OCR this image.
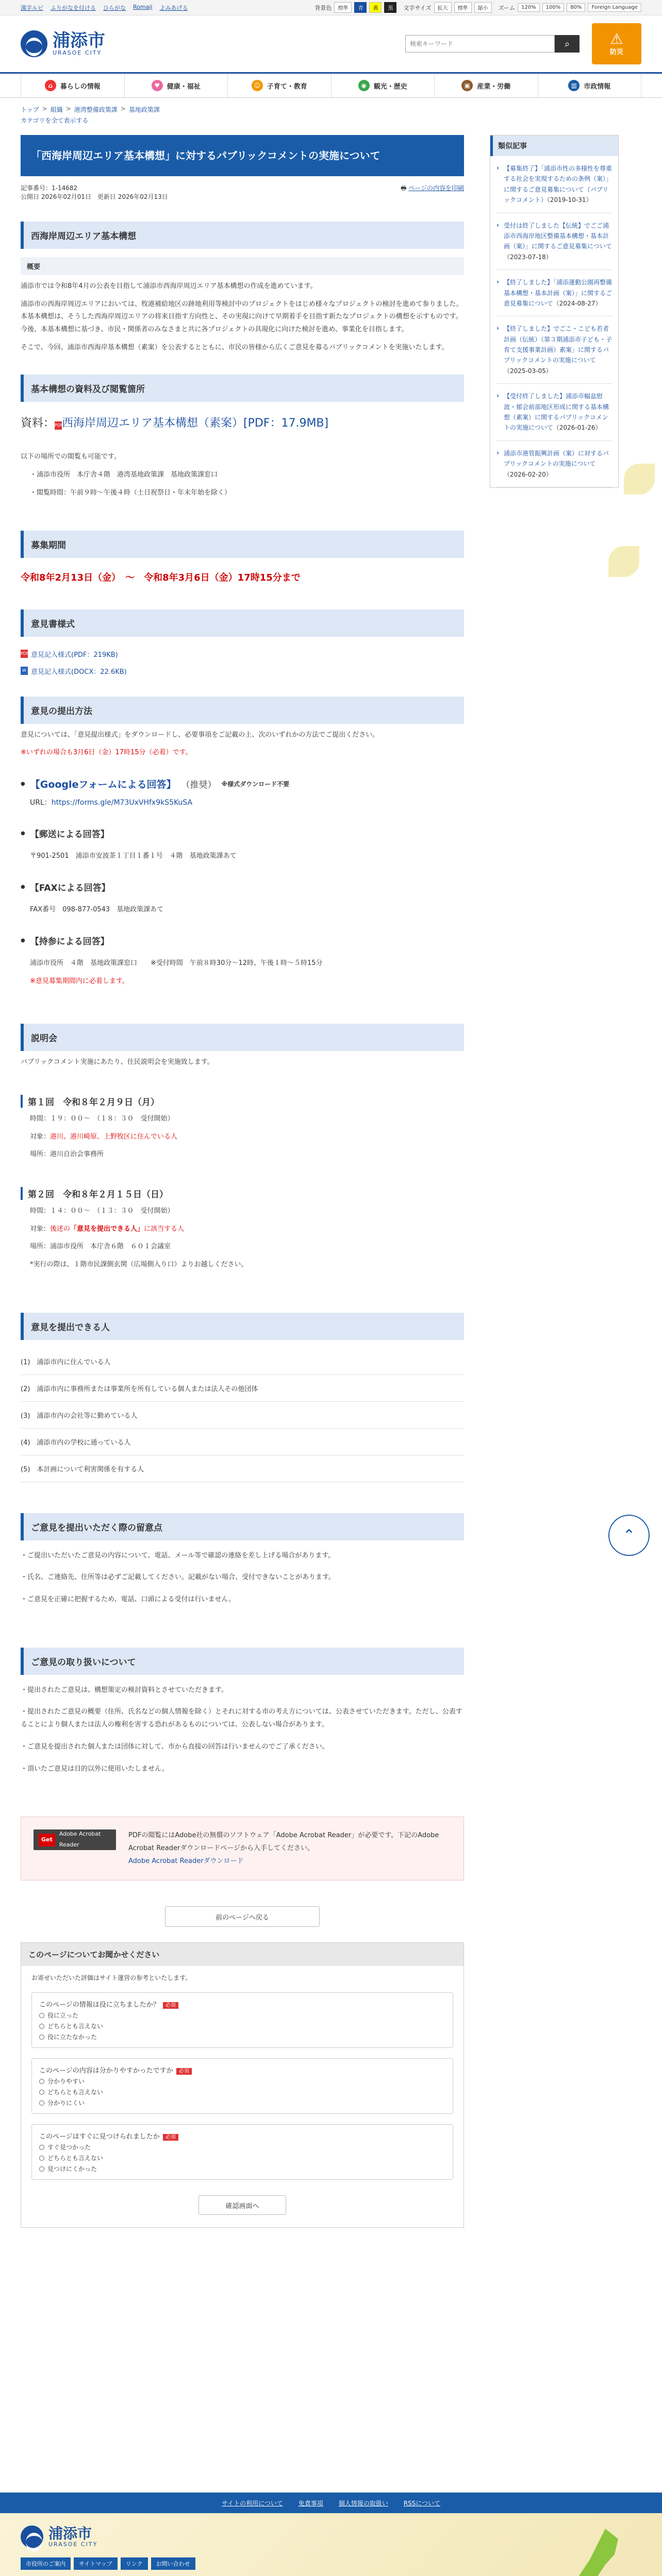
漢字ルビ ふりがなを付ける ひらがな Romaji よみあげる	背景色	標準	青	黄	黒	文字サイズ	拡大	標準	縮小	ズーム	120%	100%	80%	Foreign Language
浦添市
URASOE CITY
検索キーワード
⌕	⚠
防災
⌂	暮らしの情報	♥	健康・福祉	☺ 子育て・教育	◉	観光・歴史	▣	産業・労働	▥	市政情報
トップ > 組織 > 港湾整備政策課 > 基地政策課
カテゴリを全て表示する
「西海岸周辺エリア基本構想」に対するパブリックコメントの実施について
記事番号：1-14682
公開日 2026年02月01日　更新日 2026年02月13日
🖶 ページの内容を印刷
西海岸周辺エリア基本構想
概要

浦添市では令和8年4月の公表を目指して浦添市西海岸周辺エリア基本構想の作成を進めています。

浦添市の西海岸周辺エリアにおいては、牧港補給地区の跡地利用等検討中のプロジェクトをはじめ様々なプロジェクトの検討を進めて参りました。本基本構想は、そうした西海岸周辺エリアの将来目指す方向性と、その実現に向けて早期着手を目指す新たなプロジェクトの構想を示すものです。今後、本基本構想に基づき、市民・関係者のみなさまと共に各プロジェクトの具現化に向けた検討を進め、事業化を目指します。

そこで、今回、浦添市西海岸基本構想（素案）を公表するとともに、市民の皆様から広くご意見を募るパブリックコメントを実施いたします。

基本構想の資料及び閲覧箇所
資料：PDF西海岸周辺エリア基本構想（素案）[PDF：17.9MB]

以下の場所での閲覧も可能です。

・浦添市役所　本庁舎４階　港湾基地政策課　基地政策課窓口

・閲覧時間：午前９時〜午後４時（土日祝祭日・年末年始を除く）

募集期間
令和8年2月13日（金）　〜　令和8年3月6日（金）17時15分まで
意見書様式
PDF 意見記入様式(PDF：219KB)
W 意見記入様式(DOCX：22.6KB)
意見の提出方法

意見については、「意見提出様式」をダウンロードし、必要事項をご記載の上、次のいずれかの方法でご提出ください。

※いずれの場合も3月6日（金）17時15分（必着）です。

● 【Googleフォームによる回答】 （推奨） ※様式ダウンロード不要

URL：https://forms.gle/M73UxVHfx9kS5KuSA

● 【郵送による回答】

〒901-2501　浦添市安波茶１丁目１番１号　４階　基地政策課あて

● 【FAXによる回答】

FAX番号　098-877-0543　基地政策課あて

● 【持参による回答】

浦添市役所　４階　基地政策課窓口　　※受付時間　午前８時30分〜12時、午後１時〜５時15分

※意見募集期間内に必着します。

説明会

パブリックコメント実施にあたり、住民説明会を実施致します。

第１回　令和８年２月９日（月）

時間：１９：００〜　（１８：３０　受付開始）

対象：港川、港川崎原、上野牧区に住んでいる人

場所：港川自治会事務所

第２回　令和８年２月１５日（日）

時間：１４：００〜　（１３：３０　受付開始）

対象：後述の「意見を提出できる人」に該当する人

場所：浦添市役所　本庁舎６階　６０１会議室

*実行の際は、１階市民課側玄関（広場側入り口）よりお越しください。

意見を提出できる人
(1)　浦添市内に住んでいる人
(2)　浦添市内に事務所または事業所を所有している個人または法人その他団体
(3)　浦添市内の会社等に勤めている人
(4)　浦添市内の学校に通っている人
(5)　本計画について利害関係を有する人
ご意見を提出いただく際の留意点
・ご提出いただいたご意見の内容について、電話、メール等で確認の連絡を差し上げる場合があります。
・氏名、ご連絡先、住所等は必ずご記載してください。記載がない場合、受付できないことがあります。
・ご意見を正確に把握するため、電話、口頭による受付は行いません。
ご意見の取り扱いについて
・提出されたご意見は、構想策定の検討資料とさせていただきます。
・提出されたご意見の概要（住所、氏名などの個人情報を除く）とそれに対する市の考え方については、公表させていただきます。ただし、公表することにより個人または法人の権利を害する恐れがあるものについては、公表しない場合があります。
・ご意見を提出された個人または団体に対して、市から直接の回答は行いませんのでご了承ください。
・頂いたご意見は目的以外に使用いたしません。
Get
Adobe Acrobat Reader
PDFの閲覧にはAdobe社の無償のソフトウェア「Adobe Acrobat Reader」が必要です。下記のAdobe Acrobat Readerダウンロードページから入手してください。
Adobe Acrobat Readerダウンロード
前のページへ戻る
このページについてお聞かせください
お寄せいただいた評価はサイト運営の参考といたします。
このページの情報は役に立ちましたか？ 必須
役に立った
どちらとも言えない
役に立たなかった
このページの内容は分かりやすかったですか 必須
分かりやすい
どちらとも言えない
分かりにくい
このページはすぐに見つけられましたか 必須
すぐ見つかった
どちらとも言えない
見つけにくかった
確認画面へ
類似記事
› 【募集終了】「浦添市性の多様性を尊重する社会を実現するための条例（案）」に関するご意見募集について（パブリックコメント）（2019-10-31）
› 受付は終了しました【伝統】でごご浦添市西海岸地区整備基本構想・基本計画（案）」に関するご意見募集について（2023-07-18）
› 【終了しました】「浦添運動公園再整備基本構想・基本計画（案）」に関するご意見募集について（2024-08-27）
› 【終了しました】でごこ・こども若者計画（伝統）（第３期浦添市子ども・子育て支援事業計画）素案」に関するパブリックコメントの実施について（2025-03-05）
› 【受付終了しました】浦添市幅盆慰波・郁会前部地区形成に関する基本構想（素案）に関するパブリックコメントの実施について（2026-01-26）
› 浦添市港管振興計画（案）に対するパブリックコメントの実施について（2026-02-20）
⌃
サイトの利用について	免責事項	個人情報の取扱い	RSSについて
浦添市
URASOE CITY
市役所のご案内	サイトマップ	リンク	お問い合わせ
